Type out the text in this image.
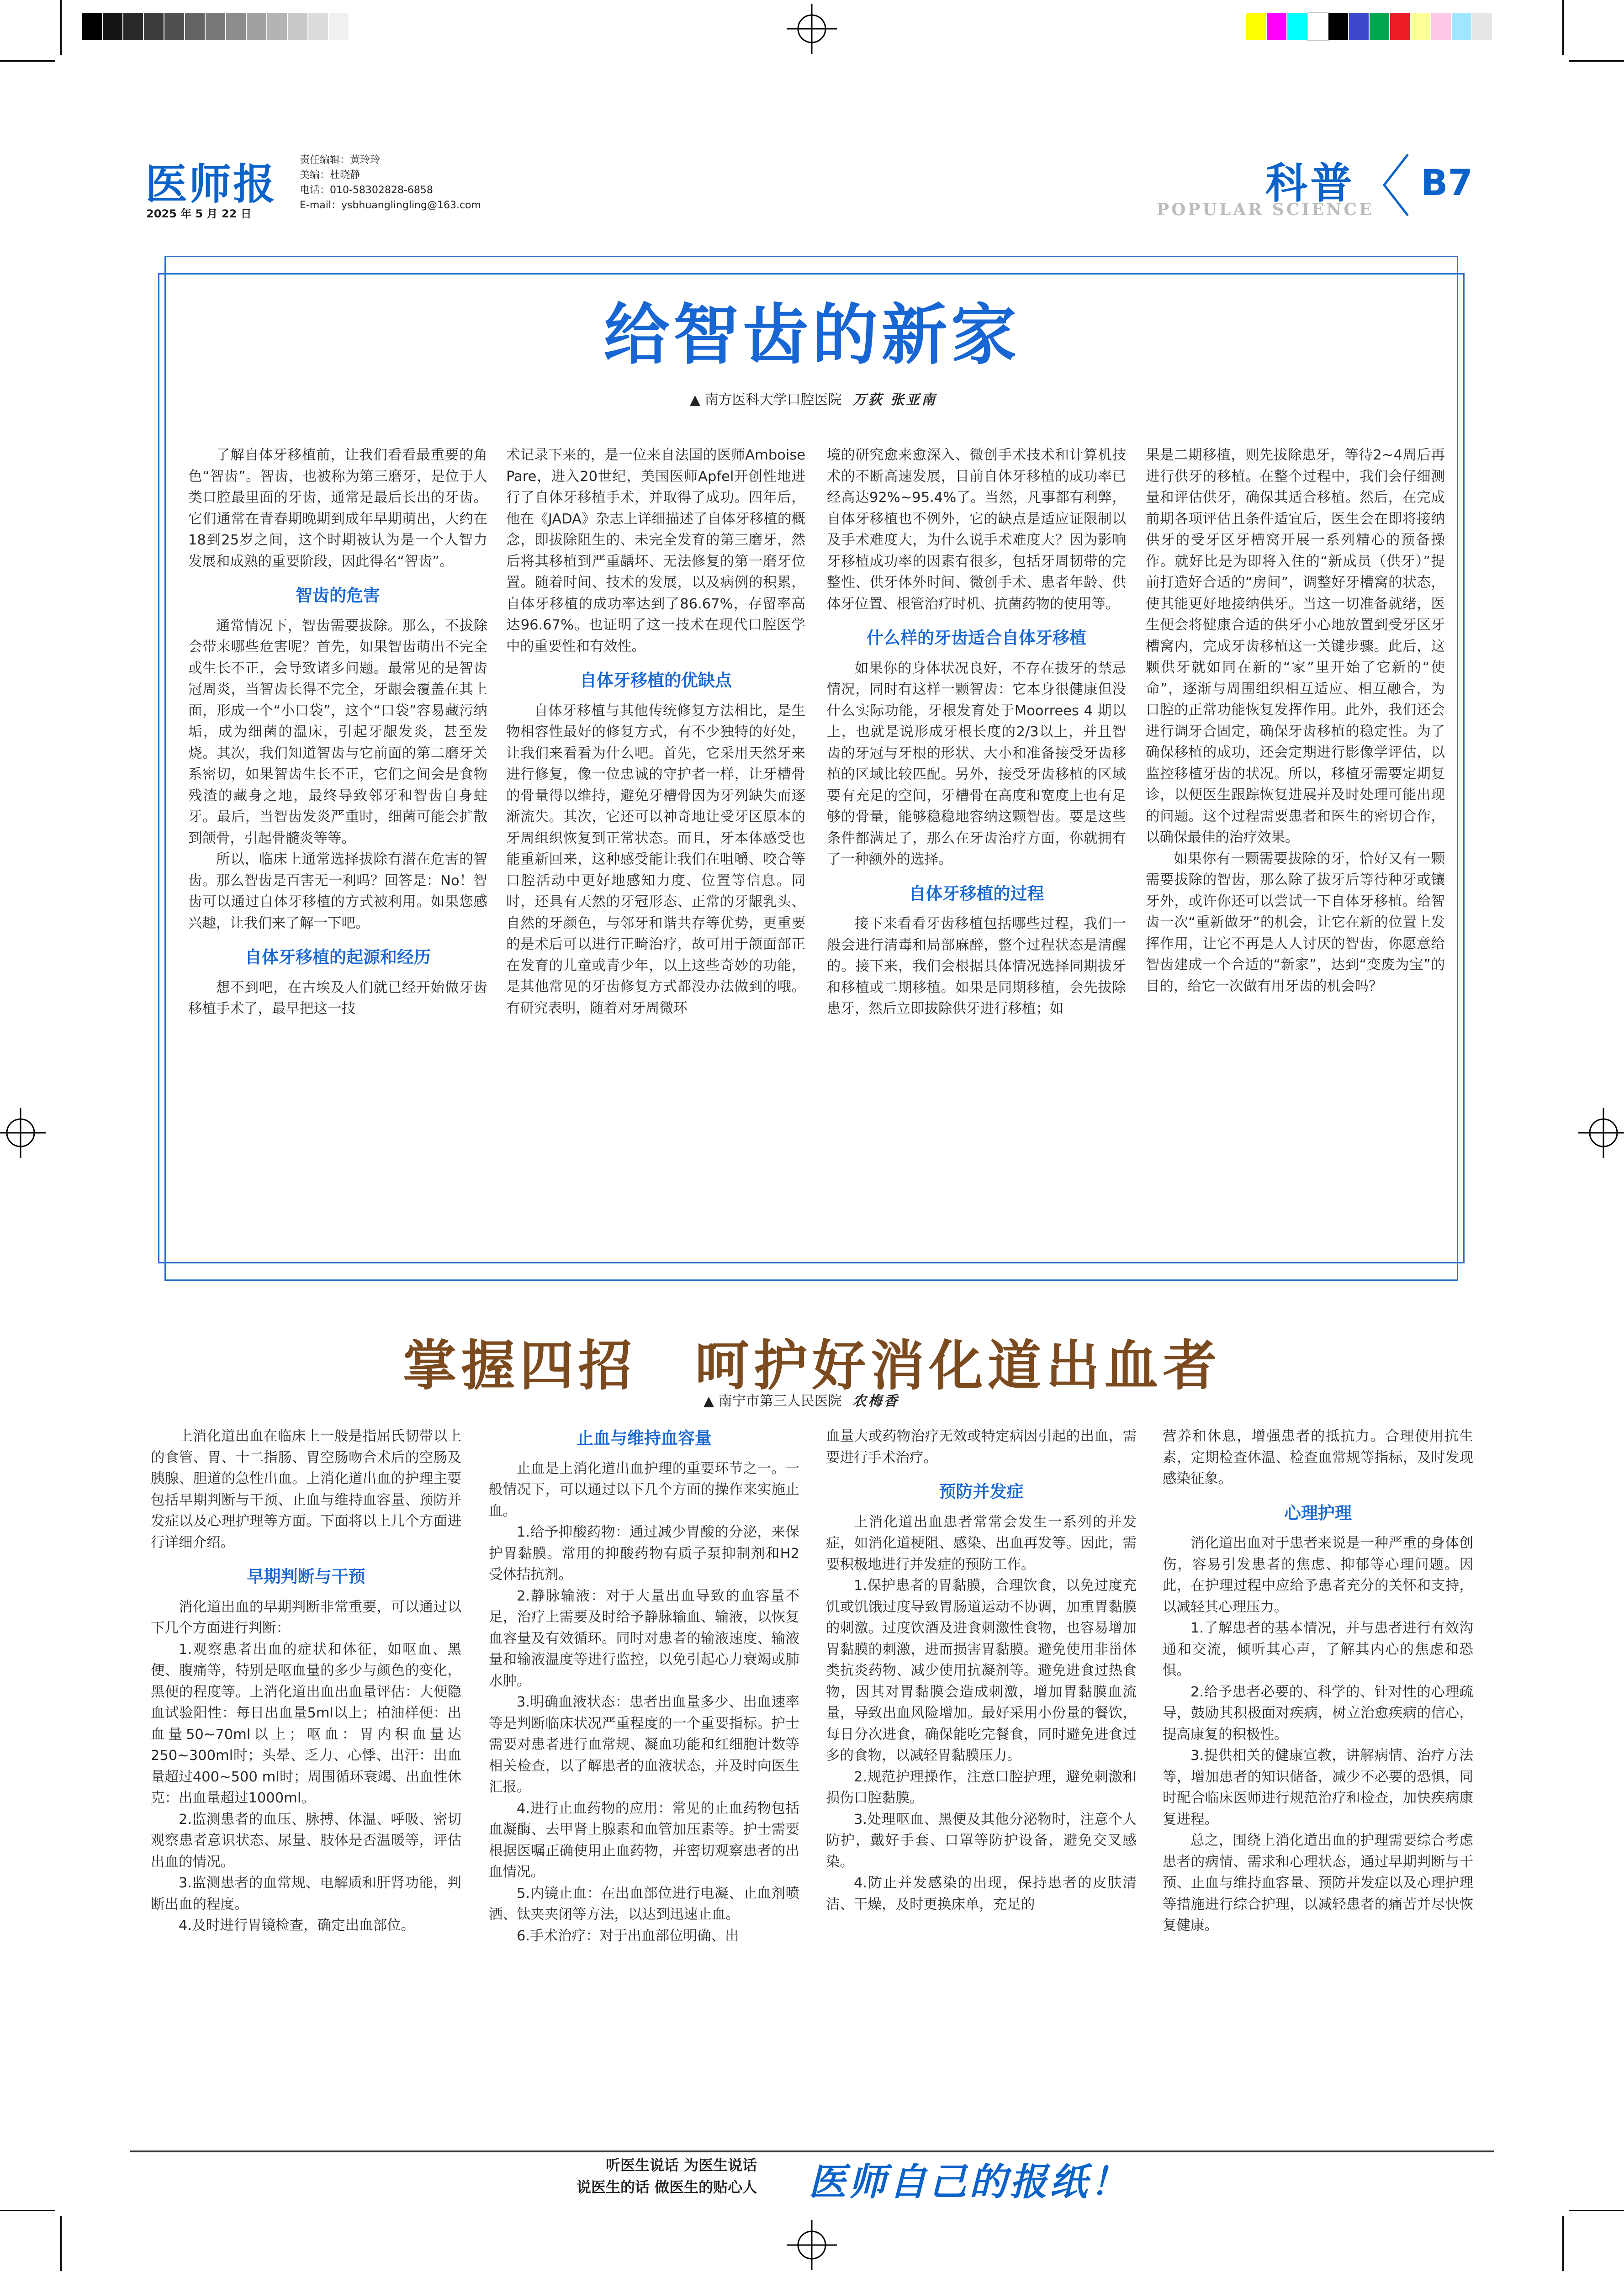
医师报
2025 年 5 月 22 日
责任编辑：黄玲玲
美编：杜晓静
电话：010-58302828-6858
E-mail：ysbhuanglingling@163.com	科普
POPULAR SCIENCE
B7
给智齿的新家
▲ 南方医科大学口腔医院 万荻 张亚南

了解自体牙移植前，让我们看看最重要的角色“智齿”。智齿，也被称为第三磨牙，是位于人类口腔最里面的牙齿，通常是最后长出的牙齿。它们通常在青春期晚期到成年早期萌出，大约在18到25岁之间，这个时期被认为是一个人智力发展和成熟的重要阶段，因此得名“智齿”。

智齿的危害

通常情况下，智齿需要拔除。那么，不拔除会带来哪些危害呢？首先，如果智齿萌出不完全或生长不正，会导致诸多问题。最常见的是智齿冠周炎，当智齿长得不完全，牙龈会覆盖在其上面，形成一个“小口袋”，这个“口袋”容易藏污纳垢，成为细菌的温床，引起牙龈发炎，甚至发烧。其次，我们知道智齿与它前面的第二磨牙关系密切，如果智齿生长不正，它们之间会是食物残渣的藏身之地，最终导致邻牙和智齿自身蛀牙。最后，当智齿发炎严重时，细菌可能会扩散到颌骨，引起骨髓炎等等。

所以，临床上通常选择拔除有潜在危害的智齿。那么智齿是百害无一利吗？回答是：No！智齿可以通过自体牙移植的方式被利用。如果您感兴趣，让我们来了解一下吧。

自体牙移植的起源和经历

想不到吧，在古埃及人们就已经开始做牙齿移植手术了，最早把这一技

术记录下来的，是一位来自法国的医师Amboise Pare，进入20世纪，美国医师Apfel开创性地进行了自体牙移植手术，并取得了成功。四年后，他在《JADA》杂志上详细描述了自体牙移植的概念，即拔除阻生的、未完全发育的第三磨牙，然后将其移植到严重龋坏、无法修复的第一磨牙位置。随着时间、技术的发展，以及病例的积累，自体牙移植的成功率达到了86.67%，存留率高达96.67%。也证明了这一技术在现代口腔医学中的重要性和有效性。

自体牙移植的优缺点

自体牙移植与其他传统修复方法相比，是生物相容性最好的修复方式，有不少独特的好处，让我们来看看为什么吧。首先，它采用天然牙来进行修复，像一位忠诚的守护者一样，让牙槽骨的骨量得以维持，避免牙槽骨因为牙列缺失而逐渐流失。其次，它还可以神奇地让受牙区原本的牙周组织恢复到正常状态。而且，牙本体感受也能重新回来，这种感受能让我们在咀嚼、咬合等口腔活动中更好地感知力度、位置等信息。同时，还具有天然的牙冠形态、正常的牙龈乳头、自然的牙颜色，与邻牙和谐共存等优势，更重要的是术后可以进行正畸治疗，故可用于颌面部正在发育的儿童或青少年，以上这些奇妙的功能，是其他常见的牙齿修复方式都没办法做到的哦。有研究表明，随着对牙周微环

境的研究愈来愈深入、微创手术技术和计算机技术的不断高速发展，目前自体牙移植的成功率已经高达92%~95.4%了。当然，凡事都有利弊，自体牙移植也不例外，它的缺点是适应证限制以及手术难度大，为什么说手术难度大？因为影响牙移植成功率的因素有很多，包括牙周韧带的完整性、供牙体外时间、微创手术、患者年龄、供体牙位置、根管治疗时机、抗菌药物的使用等。

什么样的牙齿适合自体牙移植

如果你的身体状况良好，不存在拔牙的禁忌情况，同时有这样一颗智齿：它本身很健康但没什么实际功能，牙根发育处于Moorrees 4 期以上，也就是说形成牙根长度的2/3以上，并且智齿的牙冠与牙根的形状、大小和准备接受牙齿移植的区域比较匹配。另外，接受牙齿移植的区域要有充足的空间，牙槽骨在高度和宽度上也有足够的骨量，能够稳稳地容纳这颗智齿。要是这些条件都满足了，那么在牙齿治疗方面，你就拥有了一种额外的选择。

自体牙移植的过程

接下来看看牙齿移植包括哪些过程，我们一般会进行清毒和局部麻醉，整个过程状态是清醒的。接下来，我们会根据具体情况选择同期拔牙和移植或二期移植。如果是同期移植，会先拔除患牙，然后立即拔除供牙进行移植；如

果是二期移植，则先拔除患牙，等待2~4周后再进行供牙的移植。在整个过程中，我们会仔细测量和评估供牙，确保其适合移植。然后，在完成前期各项评估且条件适宜后，医生会在即将接纳供牙的受牙区牙槽窝开展一系列精心的预备操作。就好比是为即将入住的“新成员（供牙）”提前打造好合适的“房间”，调整好牙槽窝的状态，使其能更好地接纳供牙。当这一切准备就绪，医生便会将健康合适的供牙小心地放置到受牙区牙槽窝内，完成牙齿移植这一关键步骤。此后，这颗供牙就如同在新的“家”里开始了它新的“使命”，逐渐与周围组织相互适应、相互融合，为口腔的正常功能恢复发挥作用。此外，我们还会进行调牙合固定，确保牙齿移植的稳定性。为了确保移植的成功，还会定期进行影像学评估，以监控移植牙齿的状况。所以，移植牙需要定期复诊，以便医生跟踪恢复进展并及时处理可能出现的问题。这个过程需要患者和医生的密切合作，以确保最佳的治疗效果。

如果你有一颗需要拔除的牙，恰好又有一颗需要拔除的智齿，那么除了拔牙后等待种牙或镶牙外，或许你还可以尝试一下自体牙移植。给智齿一次“重新做牙”的机会，让它在新的位置上发挥作用，让它不再是人人讨厌的智齿，你愿意给智齿建成一个合适的“新家”，达到“变废为宝”的目的，给它一次做有用牙齿的机会吗？

掌握四招　呵护好消化道出血者
▲ 南宁市第三人民医院 农梅香

上消化道出血在临床上一般是指屈氏韧带以上的食管、胃、十二指肠、胃空肠吻合术后的空肠及胰腺、胆道的急性出血。上消化道出血的护理主要包括早期判断与干预、止血与维持血容量、预防并发症以及心理护理等方面。下面将以上几个方面进行详细介绍。

早期判断与干预

消化道出血的早期判断非常重要，可以通过以下几个方面进行判断：

1.观察患者出血的症状和体征，如呕血、黑便、腹痛等，特别是呕血量的多少与颜色的变化，黑便的程度等。上消化道出血出血量评估：大便隐血试验阳性：每日出血量5ml以上；柏油样便：出血量50~70ml以上；呕血：胃内积血量达250~300ml时；头晕、乏力、心悸、出汗：出血量超过400~500 ml时；周围循环衰竭、出血性休克：出血量超过1000ml。

2.监测患者的血压、脉搏、体温、呼吸、密切观察患者意识状态、尿量、肢体是否温暖等，评估出血的情况。

3.监测患者的血常规、电解质和肝肾功能，判断出血的程度。

4.及时进行胃镜检查，确定出血部位。

止血与维持血容量

止血是上消化道出血护理的重要环节之一。一般情况下，可以通过以下几个方面的操作来实施止血。

1.给予抑酸药物：通过减少胃酸的分泌，来保护胃黏膜。常用的抑酸药物有质子泵抑制剂和H2受体拮抗剂。

2.静脉输液：对于大量出血导致的血容量不足，治疗上需要及时给予静脉输血、输液，以恢复血容量及有效循环。同时对患者的输液速度、输液量和输液温度等进行监控，以免引起心力衰竭或肺水肿。

3.明确血液状态：患者出血量多少、出血速率等是判断临床状况严重程度的一个重要指标。护士需要对患者进行血常规、凝血功能和红细胞计数等相关检查，以了解患者的血液状态，并及时向医生汇报。

4.进行止血药物的应用：常见的止血药物包括血凝酶、去甲肾上腺素和血管加压素等。护士需要根据医嘱正确使用止血药物，并密切观察患者的出血情况。

5.内镜止血：在出血部位进行电凝、止血剂喷洒、钛夹夹闭等方法，以达到迅速止血。

6.手术治疗：对于出血部位明确、出

血量大或药物治疗无效或特定病因引起的出血，需要进行手术治疗。

预防并发症

上消化道出血患者常常会发生一系列的并发症，如消化道梗阻、感染、出血再发等。因此，需要积极地进行并发症的预防工作。

1.保护患者的胃黏膜，合理饮食，以免过度充饥或饥饿过度导致胃肠道运动不协调，加重胃黏膜的刺激。过度饮酒及进食刺激性食物，也容易增加胃黏膜的刺激，进而损害胃黏膜。避免使用非甾体类抗炎药物、减少使用抗凝剂等。避免进食过热食物，因其对胃黏膜会造成刺激，增加胃黏膜血流量，导致出血风险增加。最好采用小份量的餐饮，每日分次进食，确保能吃完餐食，同时避免进食过多的食物，以减轻胃黏膜压力。

2.规范护理操作，注意口腔护理，避免刺激和损伤口腔黏膜。

3.处理呕血、黑便及其他分泌物时，注意个人防护，戴好手套、口罩等防护设备，避免交叉感染。

4.防止并发感染的出现，保持患者的皮肤清洁、干燥，及时更换床单，充足的

营养和休息，增强患者的抵抗力。合理使用抗生素，定期检查体温、检查血常规等指标，及时发现感染征象。

心理护理

消化道出血对于患者来说是一种严重的身体创伤，容易引发患者的焦虑、抑郁等心理问题。因此，在护理过程中应给予患者充分的关怀和支持，以减轻其心理压力。

1.了解患者的基本情况，并与患者进行有效沟通和交流，倾听其心声，了解其内心的焦虑和恐惧。

2.给予患者必要的、科学的、针对性的心理疏导，鼓励其积极面对疾病，树立治愈疾病的信心，提高康复的积极性。

3.提供相关的健康宣教，讲解病情、治疗方法等，增加患者的知识储备，减少不必要的恐惧，同时配合临床医师进行规范治疗和检查，加快疾病康复进程。

总之，围绕上消化道出血的护理需要综合考虑患者的病情、需求和心理状态，通过早期判断与干预、止血与维持血容量、预防并发症以及心理护理等措施进行综合护理，以减轻患者的痛苦并尽快恢复健康。

听医生说话 为医生说话
说医生的话 做医生的贴心人 医师自己的报纸！
